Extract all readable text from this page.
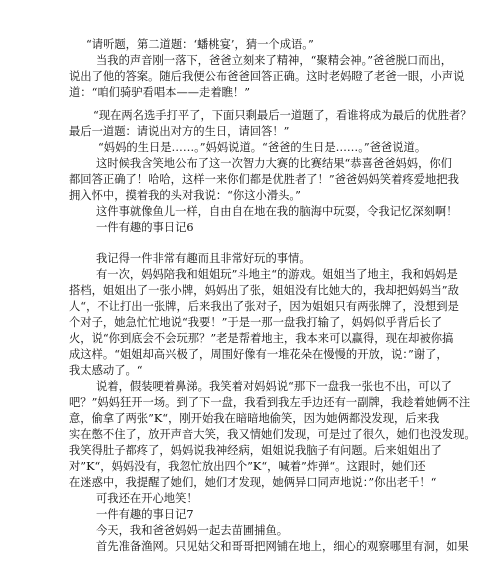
“请听题，第二道题：‘蟠桃宴’，猜一个成语。”
当我的声音刚一落下，爸爸立刻来了精神，“聚精会神。”爸爸脱口而出，
说出了他的答案。随后我便公布爸爸回答正确。这时老妈瞪了老爸一眼，小声说
道：“咱们骑驴看唱本——走着瞧！”
“现在两名选手打平了，下面只剩最后一道题了，看谁将成为最后的优胜者？
最后一道题：请说出对方的生日，请回答！”
“妈妈的生日是……。”妈妈说道。“爸爸的生日是……。”爸爸说道。
这时候我含笑地公布了这一次智力大赛的比赛结果“恭喜爸爸妈妈，你们
都回答正确了！哈哈，这样一来你们都是优胜者了！”爸爸妈妈笑着疼爱地把我
拥入怀中，摸着我的头对我说：“你这小滑头。”
这件事就像鱼儿一样，自由自在地在我的脑海中玩耍，令我记忆深刻啊！
一件有趣的事日记6
我记得一件非常有趣而且非常好玩的事情。
有一次，妈妈陪我和姐姐玩”斗地主“的游戏。姐姐当了地主，我和妈妈是
搭档，姐姐出了一张小牌，妈妈出了张，姐姐没有比她大的，我却把妈妈当”敌
人“，不让打出一张牌，后来我出了张对子，因为姐姐只有两张牌了，没想到是
个对子，她急忙忙地说“我要！”于是一那一盘我打输了，妈妈似乎背后长了
火，说“你到底会不会玩那？”老是帮着地主，我本来可以赢得，现在却被你搞
成这样。“姐姐却高兴极了，周围好像有一堆花朵在慢慢的开放，说：”谢了，
我太感动了。“
说着，假装哽着鼻涕。我笑着对妈妈说“那下一盘我一张也不出，可以了
吧？”妈妈狂开一场。到了下一盘，我看到我左手边还有一副牌，我趁着她俩不注
意，偷拿了两张”K“，刚开始我在暗暗地偷笑，因为她俩都没发现，后来我
实在憋不住了，放开声音大笑，我又情她们发现，可是过了很久，她们也没发现。
我笑得肚子都疼了，妈妈说我神经病，姐姐说我脑子有问题。后来姐姐出了
对”K“，妈妈没有，我忽忙放出四个”K“，喊着”炸弹“。这跟时，她们还
在迷惑中，我提醒了她们，她们才发现，她俩异口同声地说：”你出老千！“
可我还在开心地笑！
一件有趣的事日记7
今天，我和爸爸妈妈一起去苗圃捕鱼。
首先准备渔网。只见姑父和哥哥把网铺在地上，细心的观察哪里有洞，如果
